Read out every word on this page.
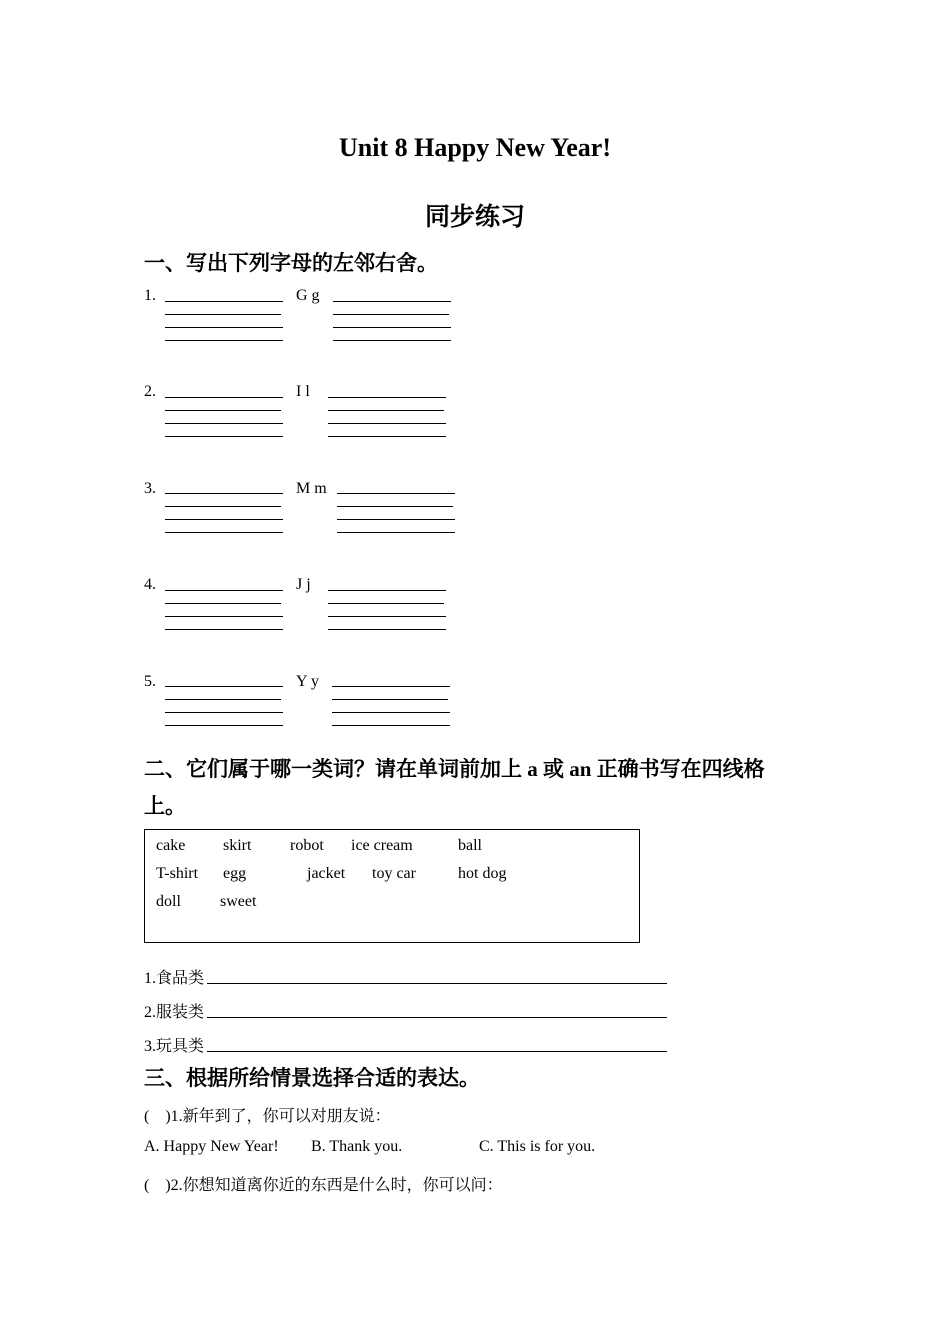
Unit 8 Happy New Year!
同步练习
一、写出下列字母的左邻右舍。
1.	G g
2.	I l
3.	M m
4.	J j
5.	Y y
二、它们属于哪一类词？请在单词前加上 a 或 an 正确书写在四线格
上。
cake skirt robot ice cream	ball
T-shirt egg	jacket toy car	hot dog
doll sweet
1.食品类
2.服装类
3.玩具类
三、根据所给情景选择合适的表达。
(    )1.新年到了，你可以对朋友说：
A. Happy New Year! B. Thank you.	C. This is for you.
(    )2.你想知道离你近的东西是什么时，你可以问：
